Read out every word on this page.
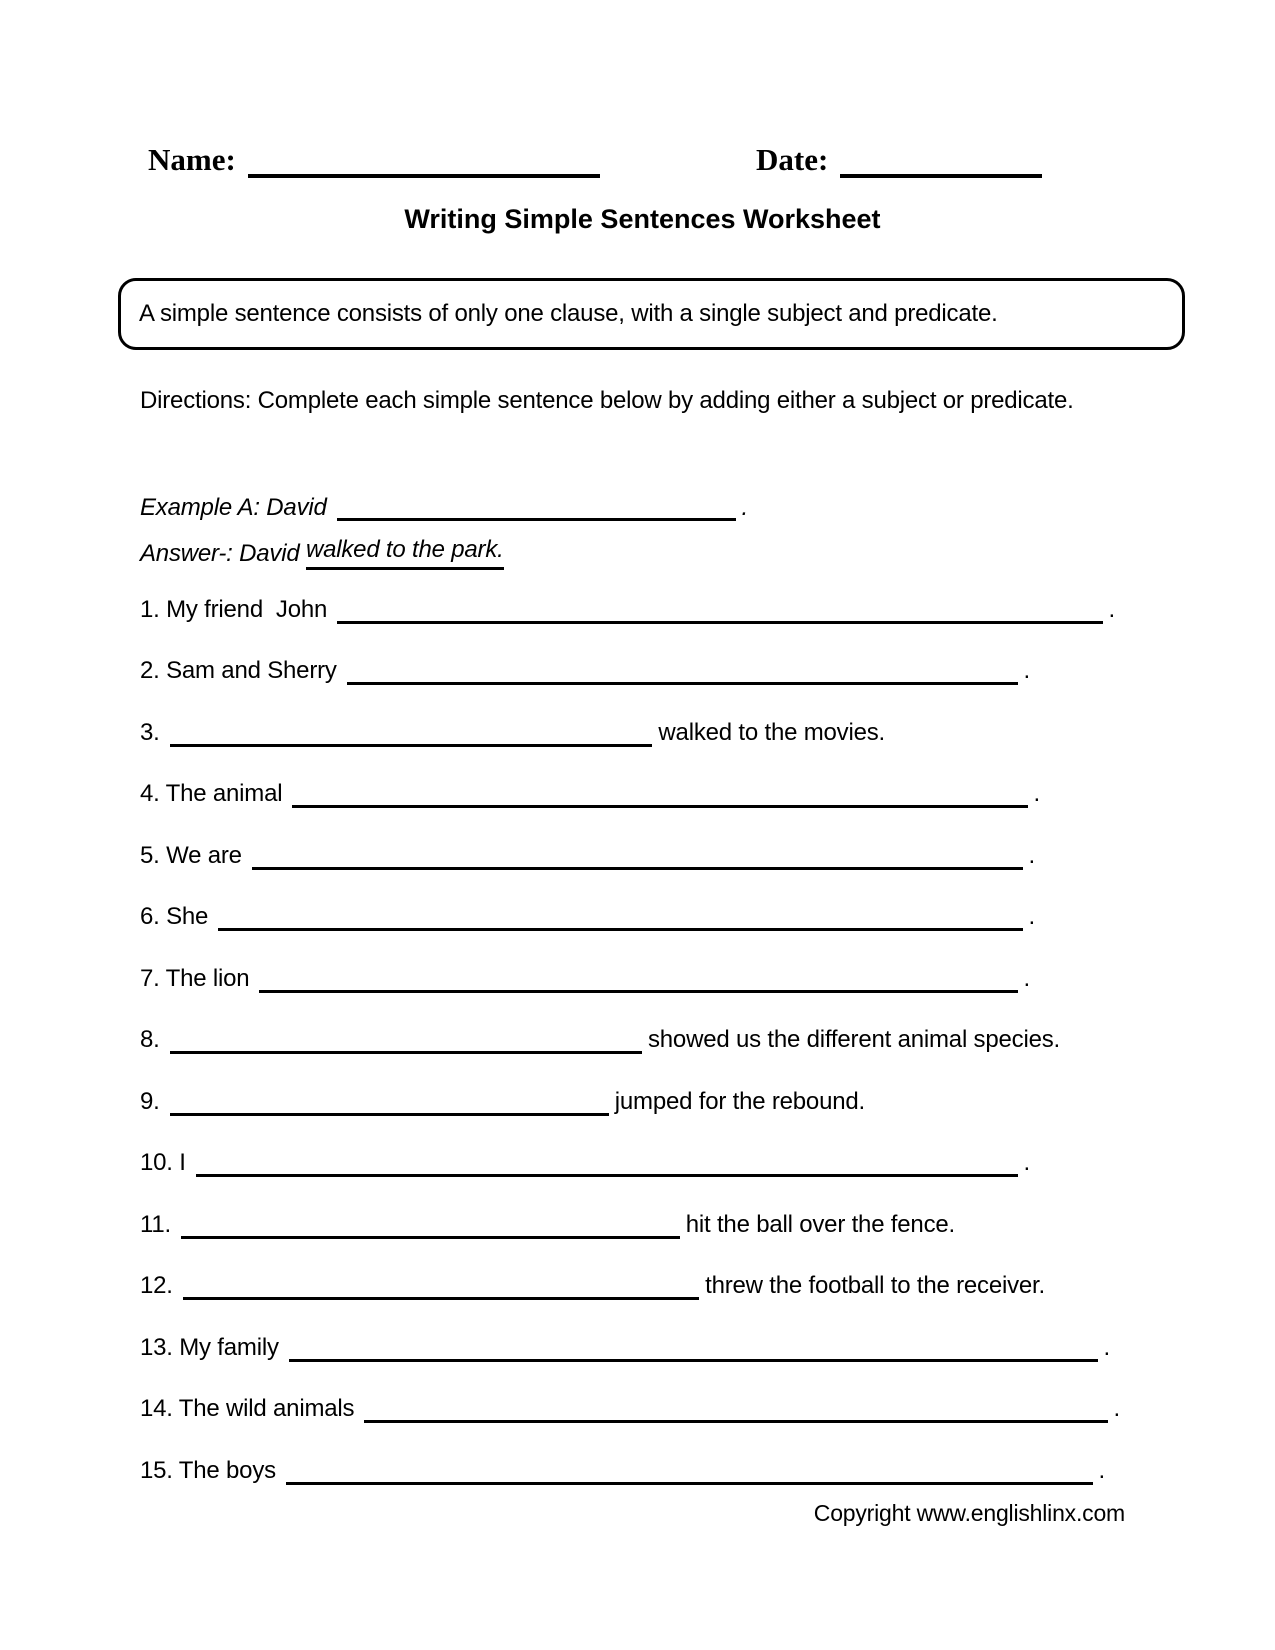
Name:	Date:
Writing Simple Sentences Worksheet
A simple sentence consists of only one clause, with a single subject and predicate.
Directions: Complete each simple sentence below by adding either a subject or predicate.
Example A: David	.
Answer-: David walked to the park.
1. My friend  John	.
2. Sam and Sherry	.
3.	walked to the movies.
4. The animal	.
5. We are	.
6. She	.
7. The lion	.
8.	showed us the different animal species.
9.	jumped for the rebound.
10. I	.
11.	hit the ball over the fence.
12.	threw the football to the receiver.
13. My family	.
14. The wild animals	.
15. The boys	.
Copyright www.englishlinx.com
